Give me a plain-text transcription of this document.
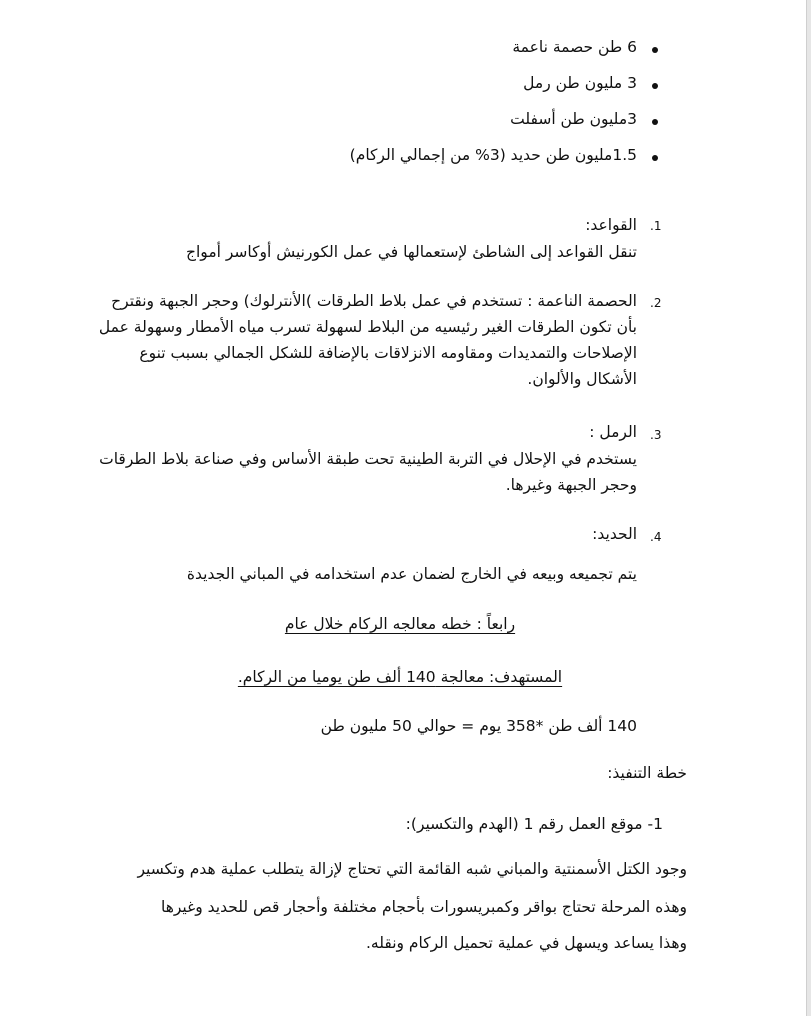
6 طن حصمة ناعمة
3 مليون طن رمل
3مليون طن أسفلت
1.5مليون طن حديد (3% من إجمالي الركام)
.1
القواعد:
تنقل القواعد إلى الشاطئ لإستعمالها في عمل الكورنيش أوكاسر أمواج
.2
الحصمة الناعمة : تستخدم في عمل بلاط الطرقات )الأنترلوك) وحجر الجبهة ونقترح
بأن تكون الطرقات الغير رئيسيه من البلاط لسهولة تسرب مياه الأمطار وسهولة عمل
الإصلاحات والتمديدات ومقاومه الانزلاقات بالإضافة للشكل الجمالي بسبب تنوع
الأشكال والألوان.
.3
الرمل :
يستخدم في الإحلال في التربة الطينية تحت طبقة الأساس وفي صناعة بلاط الطرقات
وحجر الجبهة وغيرها.
.4
الحديد:
يتم تجميعه وبيعه في الخارج لضمان عدم استخدامه في المباني الجديدة
رابعاً : خطه معالجه الركام خلال عام
المستهدف: معالجة 140 ألف طن يوميا من الركام.
140 ألف طن *358 يوم = حوالي 50 مليون طن
خطة التنفيذ:
1- موقع العمل رقم 1 (الهدم والتكسير):
وجود الكتل الأسمنتية والمباني شبه القائمة التي تحتاج لإزالة يتطلب عملية هدم وتكسير
وهذه المرحلة تحتاج بواقر وكمبريسورات بأحجام مختلفة وأحجار قص للحديد وغيرها
وهذا يساعد ويسهل في عملية تحميل الركام ونقله.
